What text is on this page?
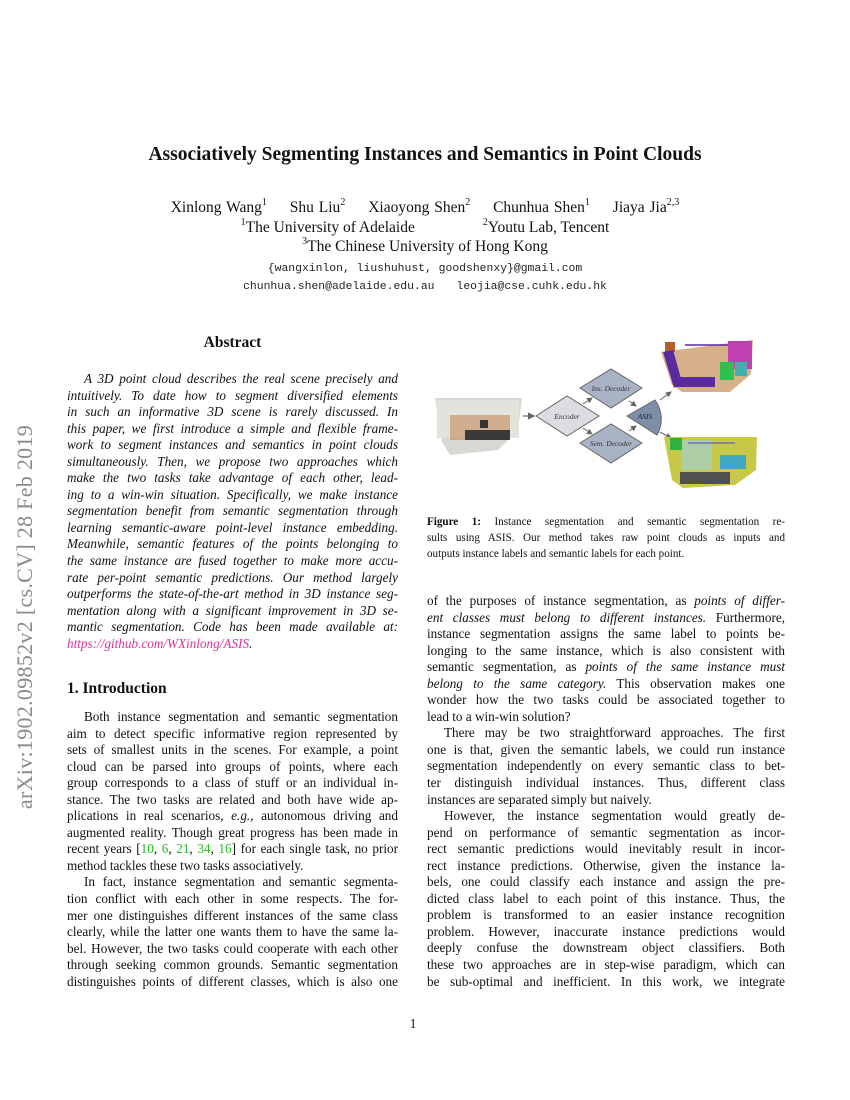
arXiv:1902.09852v2 [cs.CV] 28 Feb 2019
Associatively Segmenting Instances and Semantics in Point Clouds
Xinlong Wang$^1$ Shu Liu$^2$ Xiaoyong Shen$^2$ Chunhua Shen$^1$ Jiaya Jia$^{2,3}$
$^1$The University of Adelaide	$^2$Youtu Lab, Tencent
$^3$The Chinese University of Hong Kong
{wangxinlon, liushuhust, goodshenxy}@gmail.com
chunhua.shen@adelaide.edu.au leojia@cse.cuhk.edu.hk
Abstract
A 3D point cloud describes the real scene precisely and
intuitively. To date how to segment diversified elements
in such an informative 3D scene is rarely discussed. In
this paper, we first introduce a simple and flexible frame-
work to segment instances and semantics in point clouds
simultaneously. Then, we propose two approaches which
make the two tasks take advantage of each other, lead-
ing to a win-win situation. Specifically, we make instance
segmentation benefit from semantic segmentation through
learning semantic-aware point-level instance embedding.
Meanwhile, semantic features of the points belonging to
the same instance are fused together to make more accu-
rate per-point semantic predictions. Our method largely
outperforms the state-of-the-art method in 3D instance seg-
mentation along with a significant improvement in 3D se-
mantic segmentation. Code has been made available at:
https://github.com/WXinlong/ASIS.
1. Introduction
Both instance segmentation and semantic segmentation
aim to detect specific informative region represented by
sets of smallest units in the scenes. For example, a point
cloud can be parsed into groups of points, where each
group corresponds to a class of stuff or an individual in-
stance. The two tasks are related and both have wide ap-
plications in real scenarios, e.g., autonomous driving and
augmented reality. Though great progress has been made in
recent years [10, 6, 21, 34, 16] for each single task, no prior
method tackles these two tasks associatively.
In fact, instance segmentation and semantic segmenta-
tion conflict with each other in some respects. The for-
mer one distinguishes different instances of the same class
clearly, while the latter one wants them to have the same la-
bel. However, the two tasks could cooperate with each other
through seeking common grounds. Semantic segmentation
distinguishes points of different classes, which is also one
of the purposes of instance segmentation, as points of differ-
ent classes must belong to different instances. Furthermore,
instance segmentation assigns the same label to points be-
longing to the same instance, which is also consistent with
semantic segmentation, as points of the same instance must
belong to the same category. This observation makes one
wonder how the two tasks could be associated together to
lead to a win-win solution?
There may be two straightforward approaches. The first
one is that, given the semantic labels, we could run instance
segmentation independently on every semantic class to bet-
ter distinguish individual instances. Thus, different class
instances are separated simply but naively.
However, the instance segmentation would greatly de-
pend on performance of semantic segmentation as incor-
rect semantic predictions would inevitably result in incor-
rect instance predictions. Otherwise, given the instance la-
bels, one could classify each instance and assign the pre-
dicted class label to each point of this instance. Thus, the
problem is transformed to an easier instance recognition
problem. However, inaccurate instance predictions would
deeply confuse the downstream object classifiers. Both
these two approaches are in step-wise paradigm, which can
be sub-optimal and inefficient. In this work, we integrate
Encoder
Ins. Decoder
Sem. Decoder
ASIS
Figure 1: Instance segmentation and semantic segmentation re-
sults using ASIS. Our method takes raw point clouds as inputs and
outputs instance labels and semantic labels for each point.
1
